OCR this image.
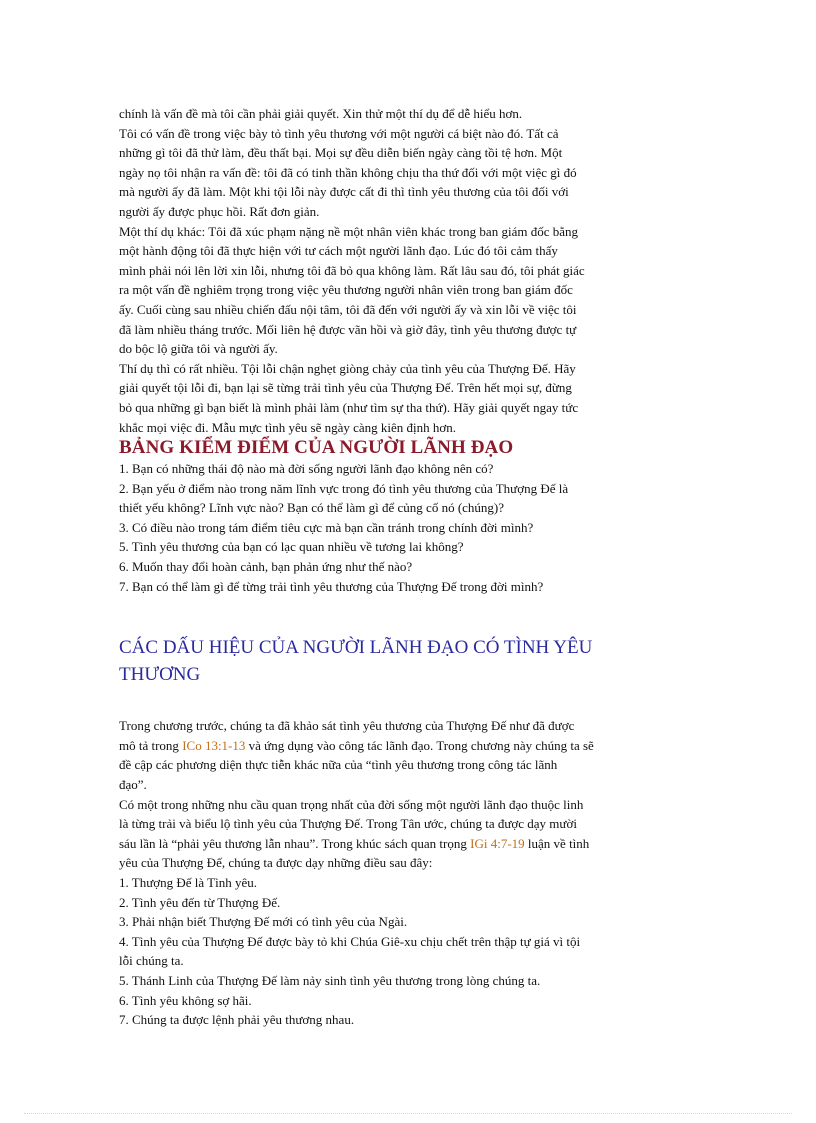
chính là vấn đề mà tôi cần phải giải quyết. Xin thử một thí dụ để dễ hiểu hơn.

Tôi có vấn đề trong việc bày tỏ tình yêu thương với một người cá biệt nào đó. Tất cả
những gì tôi đã thử làm, đều thất bại. Mọi sự đều diễn biến ngày càng tồi tệ hơn. Một
ngày nọ tôi nhận ra vấn đề: tôi đã có tinh thần không chịu tha thứ đối với một việc gì đó
mà người ấy đã làm. Một khi tội lỗi này được cất đi thì tình yêu thương của tôi đối với
người ấy được phục hồi. Rất đơn giản.

Một thí dụ khác: Tôi đã xúc phạm nặng nề một nhân viên khác trong ban giám đốc bằng
một hành động tôi đã thực hiện với tư cách một người lãnh đạo. Lúc đó tôi cảm thấy
mình phải nói lên lời xin lỗi, nhưng tôi đã bỏ qua không làm. Rất lâu sau đó, tôi phát giác
ra một vấn đề nghiêm trọng trong việc yêu thương người nhân viên trong ban giám đốc
ấy. Cuối cùng sau nhiều chiến đấu nội tâm, tôi đã đến với người ấy và xin lỗi về việc tôi
đã làm nhiều tháng trước. Mối liên hệ được vãn hồi và giờ đây, tình yêu thương được tự
do bộc lộ giữa tôi và người ấy.

Thí dụ thì có rất nhiều. Tội lỗi chận nghẹt giòng chảy của tình yêu của Thượng Đế. Hãy
giải quyết tội lỗi đi, bạn lại sẽ từng trải tình yêu của Thượng Đế. Trên hết mọi sự, đừng
bỏ qua những gì bạn biết là mình phải làm (như tìm sự tha thứ). Hãy giải quyết ngay tức
khắc mọi việc đi. Mẫu mực tình yêu sẽ ngày càng kiên định hơn.

BẢNG KIỂM ĐIỂM CỦA NGƯỜI LÃNH ĐẠO

1. Bạn có những thái độ nào mà đời sống người lãnh đạo không nên có?

2. Bạn yếu ở điểm nào trong năm lĩnh vực trong đó tình yêu thương của Thượng Đế là
thiết yếu không? Lĩnh vực nào? Bạn có thể làm gì để củng cố nó (chúng)?

3. Có điều nào trong tám điểm tiêu cực mà bạn cần tránh trong chính đời mình?

5. Tình yêu thương của bạn có lạc quan nhiều về tương lai không?

6. Muốn thay đổi hoàn cảnh, bạn phản ứng như thế nào?

7. Bạn có thể làm gì để từng trải tình yêu thương của Thượng Đế trong đời mình?

CÁC DẤU HIỆU CỦA NGƯỜI LÃNH ĐẠO CÓ TÌNH YÊU
THƯƠNG

Trong chương trước, chúng ta đã khảo sát tình yêu thương của Thượng Đế như đã được
mô tả trong ICo 13:1-13 và ứng dụng vào công tác lãnh đạo. Trong chương này chúng ta sẽ
đề cập các phương diện thực tiễn khác nữa của “tình yêu thương trong công tác lãnh
đạo”.

Có một trong những nhu cầu quan trọng nhất của đời sống một người lãnh đạo thuộc linh
là từng trải và biểu lộ tình yêu của Thượng Đế. Trong Tân ước, chúng ta được dạy mười
sáu lần là “phải yêu thương lẫn nhau”. Trong khúc sách quan trọng IGi 4:7-19 luận về tình
yêu của Thượng Đế, chúng ta được dạy những điều sau đây:

1. Thượng Đế là Tình yêu.

2. Tình yêu đến từ Thượng Đế.

3. Phải nhận biết Thượng Đế mới có tình yêu của Ngài.

4. Tình yêu của Thượng Đế được bày tỏ khi Chúa Giê-xu chịu chết trên thập tự giá vì tội
lỗi chúng ta.

5. Thánh Linh của Thượng Đế làm nảy sinh tình yêu thương trong lòng chúng ta.

6. Tình yêu không sợ hãi.

7. Chúng ta được lệnh phải yêu thương nhau.
